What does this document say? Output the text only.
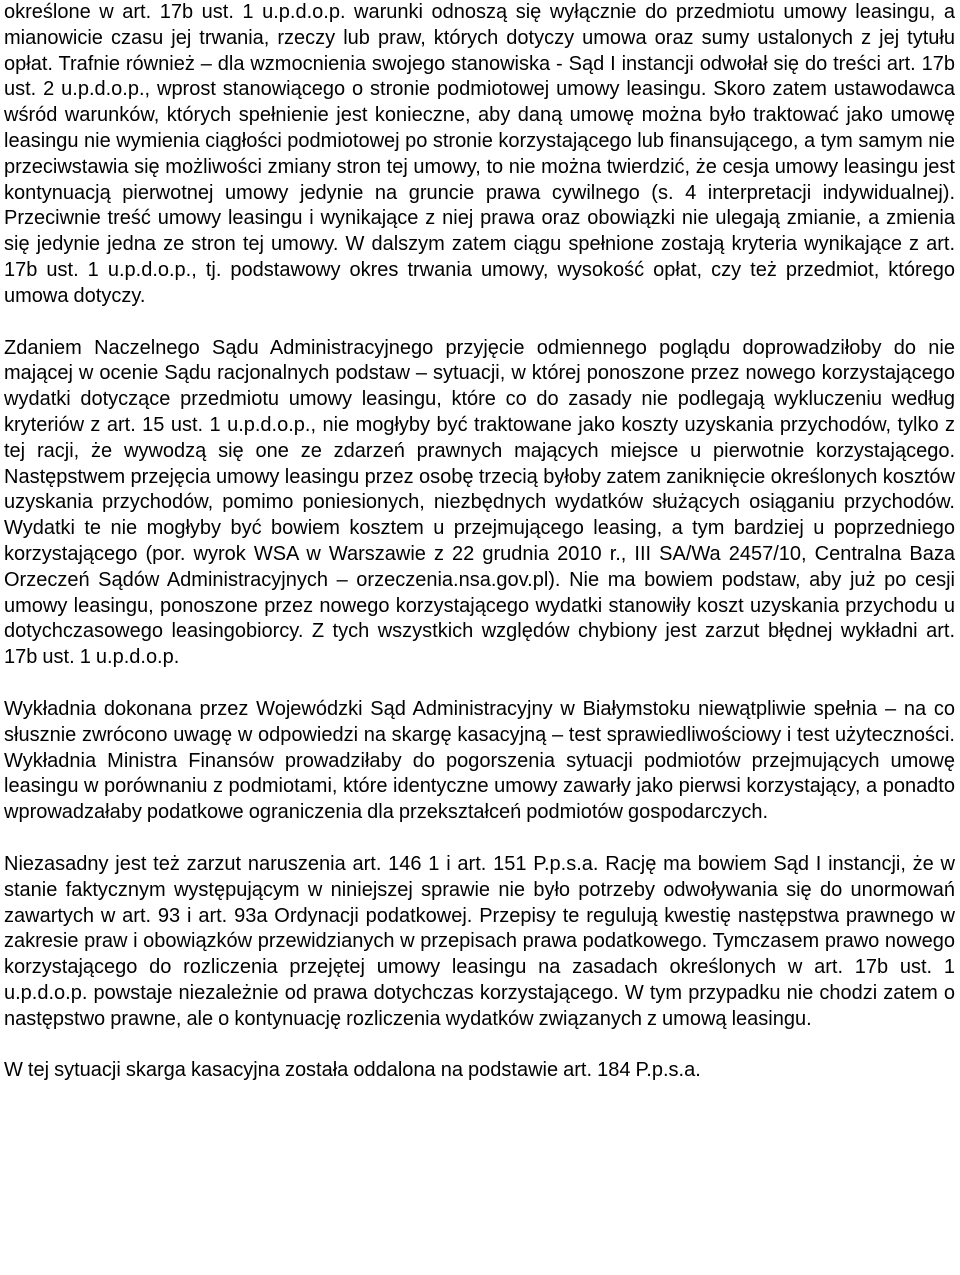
określone w art. 17b ust. 1 u.p.d.o.p. warunki odnoszą się wyłącznie do przedmiotu umowy leasingu, a mianowicie czasu jej trwania, rzeczy lub praw, których dotyczy umowa oraz sumy ustalonych z jej tytułu opłat. Trafnie również – dla wzmocnienia swojego stanowiska - Sąd I instancji odwołał się do treści art. 17b ust. 2 u.p.d.o.p., wprost stanowiącego o stronie podmiotowej umowy leasingu. Skoro zatem ustawodawca wśród warunków, których spełnienie jest konieczne, aby daną umowę można było traktować jako umowę leasingu nie wymienia ciągłości podmiotowej po stronie korzystającego lub finansującego, a tym samym nie przeciwstawia się możliwości zmiany stron tej umowy, to nie można twierdzić, że cesja umowy leasingu jest kontynuacją pierwotnej umowy jedynie na gruncie prawa cywilnego (s. 4 interpretacji indywidualnej). Przeciwnie treść umowy leasingu i wynikające z niej prawa oraz obowiązki nie ulegają zmianie, a zmienia się jedynie jedna ze stron tej umowy. W dalszym zatem ciągu spełnione zostają kryteria wynikające z art. 17b ust. 1 u.p.d.o.p., tj. podstawowy okres trwania umowy, wysokość opłat, czy też przedmiot, którego umowa dotyczy.

Zdaniem Naczelnego Sądu Administracyjnego przyjęcie odmiennego poglądu doprowadziłoby do nie mającej w ocenie Sądu racjonalnych podstaw – sytuacji, w której ponoszone przez nowego korzystającego wydatki dotyczące przedmiotu umowy leasingu, które co do zasady nie podlegają wykluczeniu według kryteriów z art. 15 ust. 1 u.p.d.o.p., nie mogłyby być traktowane jako koszty uzyskania przychodów, tylko z tej racji, że wywodzą się one ze zdarzeń prawnych mających miejsce u pierwotnie korzystającego. Następstwem przejęcia umowy leasingu przez osobę trzecią byłoby zatem zaniknięcie określonych kosztów uzyskania przychodów, pomimo poniesionych, niezbędnych wydatków służących osiąganiu przychodów. Wydatki te nie mogłyby być bowiem kosztem u przejmującego leasing, a tym bardziej u poprzedniego korzystającego (por. wyrok WSA w Warszawie z 22 grudnia 2010 r., III SA/Wa 2457/10, Centralna Baza Orzeczeń Sądów Administracyjnych – orzeczenia.nsa.gov.pl). Nie ma bowiem podstaw, aby już po cesji umowy leasingu, ponoszone przez nowego korzystającego wydatki stanowiły koszt uzyskania przychodu u dotychczasowego leasingobiorcy. Z tych wszystkich względów chybiony jest zarzut błędnej wykładni art. 17b ust. 1 u.p.d.o.p.

Wykładnia dokonana przez Wojewódzki Sąd Administracyjny w Białymstoku niewątpliwie spełnia – na co słusznie zwrócono uwagę w odpowiedzi na skargę kasacyjną – test sprawiedliwościowy i test użyteczności. Wykładnia Ministra Finansów prowadziłaby do pogorszenia sytuacji podmiotów przejmujących umowę leasingu w porównaniu z podmiotami, które identyczne umowy zawarły jako pierwsi korzystający, a ponadto wprowadzałaby podatkowe ograniczenia dla przekształceń podmiotów gospodarczych.

Niezasadny jest też zarzut naruszenia art. 146 1 i art. 151 P.p.s.a. Rację ma bowiem Sąd I instancji, że w stanie faktycznym występującym w niniejszej sprawie nie było potrzeby odwoływania się do unormowań zawartych w art. 93 i art. 93a Ordynacji podatkowej. Przepisy te regulują kwestię następstwa prawnego w zakresie praw i obowiązków przewidzianych w przepisach prawa podatkowego. Tymczasem prawo nowego korzystającego do rozliczenia przejętej umowy leasingu na zasadach określonych w art. 17b ust. 1 u.p.d.o.p. powstaje niezależnie od prawa dotychczas korzystającego. W tym przypadku nie chodzi zatem o następstwo prawne, ale o kontynuację rozliczenia wydatków związanych z umową leasingu.

W tej sytuacji skarga kasacyjna została oddalona na podstawie art. 184 P.p.s.a.
